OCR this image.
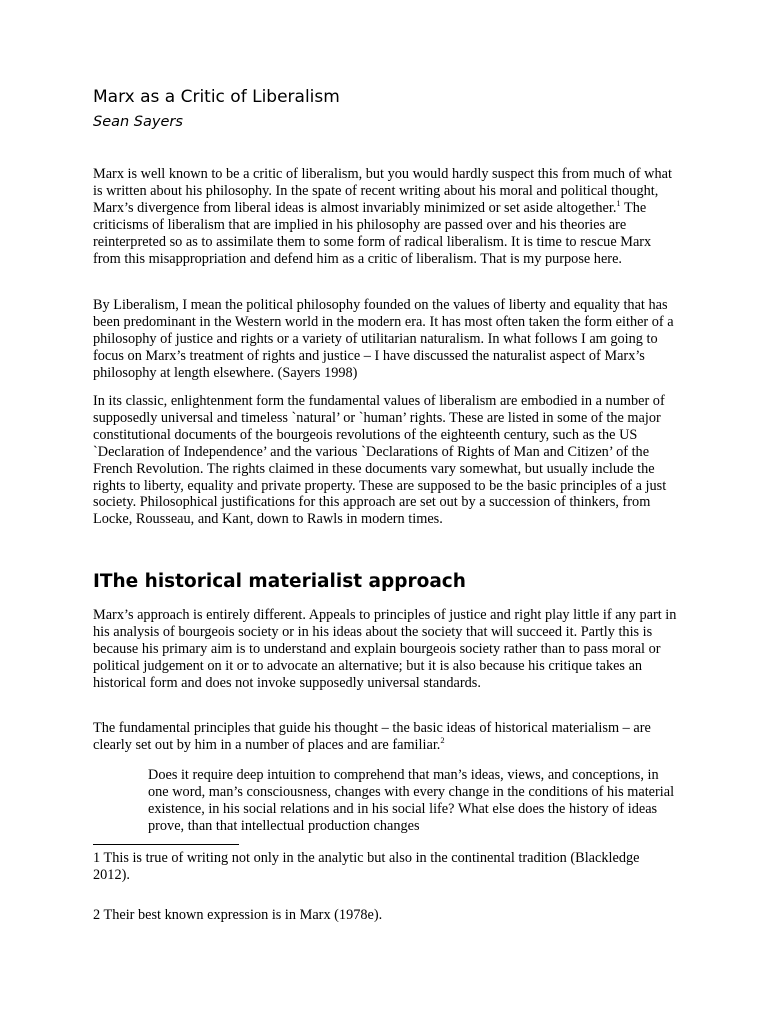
Marx as a Critic of Liberalism

Sean Sayers

Marx is well known to be a critic of liberalism, but you would hardly suspect this from much of what is written about his philosophy. In the spate of recent writing about his moral and political thought, Marx’s divergence from liberal ideas is almost invariably minimized or set aside altogether.$^1$ The criticisms of liberalism that are implied in his philosophy are passed over and his theories are reinterpreted so as to assimilate them to some form of radical liberalism. It is time to rescue Marx from this misappropriation and defend him as a critic of liberalism. That is my purpose here.

By Liberalism, I mean the political philosophy founded on the values of liberty and equality that has been predominant in the Western world in the modern era. It has most often taken the form either of a philosophy of justice and rights or a variety of utilitarian naturalism. In what follows I am going to focus on Marx’s treatment of rights and justice – I have discussed the naturalist aspect of Marx’s philosophy at length elsewhere. (Sayers 1998)

In its classic, enlightenment form the fundamental values of liberalism are embodied in a number of supposedly universal and timeless `natural’ or `human’ rights. These are listed in some of the major constitutional documents of the bourgeois revolutions of the eighteenth century, such as the US `Declaration of Independence’ and the various `Declarations of Rights of Man and Citizen’ of the French Revolution. The rights claimed in these documents vary somewhat, but usually include the rights to liberty, equality and private property. These are supposed to be the basic principles of a just society. Philosophical justifications for this approach are set out by a succession of thinkers, from Locke, Rousseau, and Kant, down to Rawls in modern times.

IThe historical materialist approach

Marx’s approach is entirely different. Appeals to principles of justice and right play little if any part in his analysis of bourgeois society or in his ideas about the society that will succeed it. Partly this is because his primary aim is to understand and explain bourgeois society rather than to pass moral or political judgement on it or to advocate an alternative; but it is also because his critique takes an historical form and does not invoke supposedly universal standards.

The fundamental principles that guide his thought – the basic ideas of historical materialism – are clearly set out by him in a number of places and are familiar.$^2$

Does it require deep intuition to comprehend that man’s ideas, views, and conceptions, in one word, man’s consciousness, changes with every change in the conditions of his material existence, in his social relations and in his social life? What else does the history of ideas prove, than that intellectual production changes

1 This is true of writing not only in the analytic but also in the continental tradition (Blackledge 2012).

2 Their best known expression is in Marx (1978e).
